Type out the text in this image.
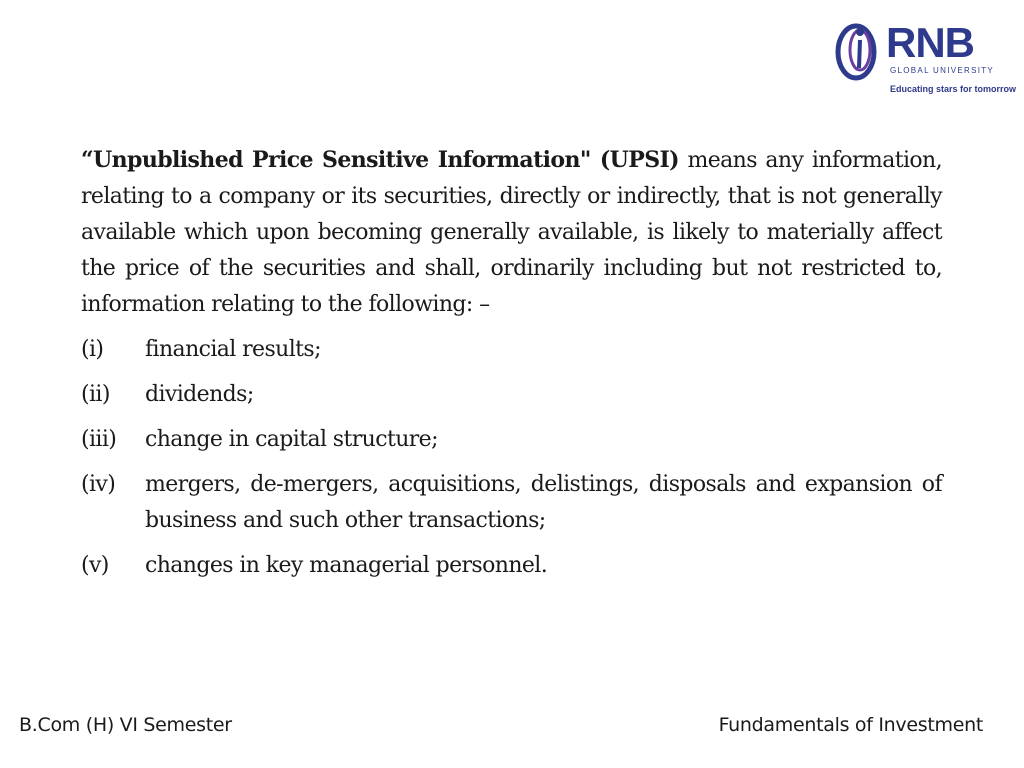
RNB
GLOBAL UNIVERSITY
Educating stars for tomorrow

“Unpublished Price Sensitive Information" (UPSI) means any information, relating to a company or its securities, directly or indirectly, that is not generally available which upon becoming generally available, is likely to materially affect the price of the securities and shall, ordinarily including but not restricted to, information relating to the following: –

(i)	financial results;
(ii)	dividends;
(iii)	change in capital structure;
(iv)	mergers, de-mergers, acquisitions, delistings, disposals and expansion of business and such other transactions;
(v)	changes in key managerial personnel.
B.Com (H) VI Semester	Fundamentals of Investment
